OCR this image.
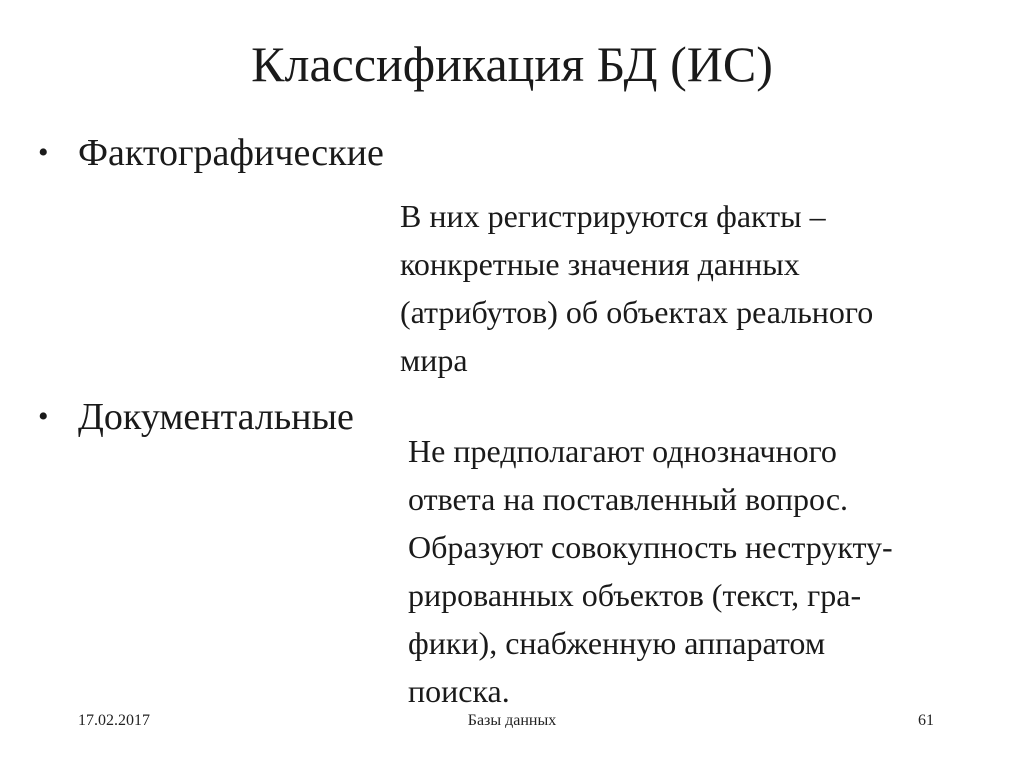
Классификация БД (ИС)
• Фактографические
В них регистрируются факты –
конкретные значения данных
(атрибутов) об объектах реального
мира
• Документальные
Не предполагают однозначного
ответа на поставленный вопрос.
Образуют совокупность неструкту-
рированных объектов (текст, гра-
фики), снабженную аппаратом
поиска.
17.02.2017	Базы данных	61
